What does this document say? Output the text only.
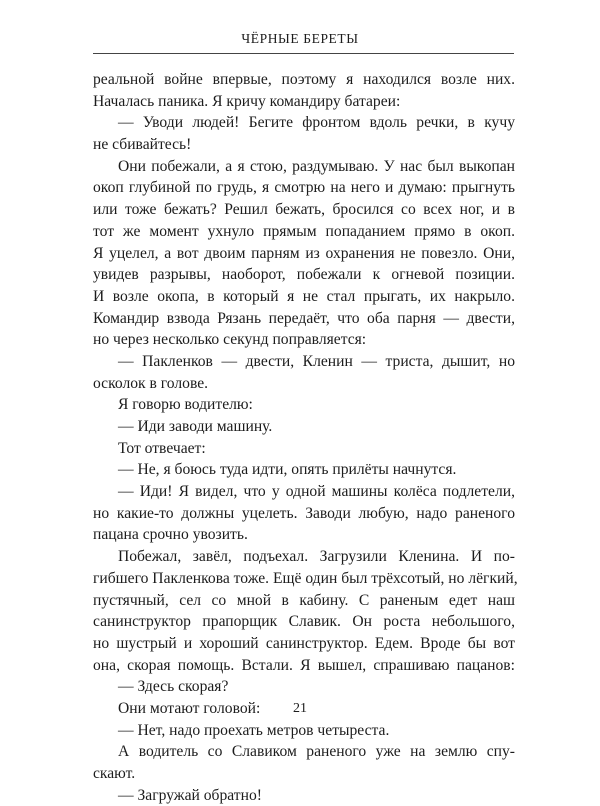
ЧЁРНЫЕ БЕРЕТЫ
реальной войне впервые, поэтому я находился возле них.
Началась паника. Я кричу командиру батареи:
— Уводи людей! Бегите фронтом вдоль речки, в кучу
не сбивайтесь!
Они побежали, а я стою, раздумываю. У нас был выкопан
окоп глубиной по грудь, я смотрю на него и думаю: прыгнуть
или тоже бежать? Решил бежать, бросился со всех ног, и в
тот же момент ухнуло прямым попаданием прямо в окоп.
Я уцелел, а вот двоим парням из охранения не повезло. Они,
увидев разрывы, наоборот, побежали к огневой позиции.
И возле окопа, в который я не стал прыгать, их накрыло.
Командир взвода Рязань передаёт, что оба парня — двести,
но через несколько секунд поправляется:
— Пакленков — двести, Кленин — триста, дышит, но
осколок в голове.
Я говорю водителю:
— Иди заводи машину.
Тот отвечает:
— Не, я боюсь туда идти, опять прилёты начнутся.
— Иди! Я видел, что у одной машины колёса подлетели,
но какие-то должны уцелеть. Заводи любую, надо раненого
пацана срочно увозить.
Побежал, завёл, подъехал. Загрузили Кленина. И по-
гибшего Пакленкова тоже. Ещё один был трёхсотый, но лёгкий,
пустячный, сел со мной в кабину. С раненым едет наш
санинструктор прапорщик Славик. Он роста небольшого,
но шустрый и хороший санинструктор. Едем. Вроде бы вот
она, скорая помощь. Встали. Я вышел, спрашиваю пацанов:
— Здесь скорая?
Они мотают головой:
— Нет, надо проехать метров четыреста.
А водитель со Славиком раненого уже на землю спу-
скают.
— Загружай обратно!
21
